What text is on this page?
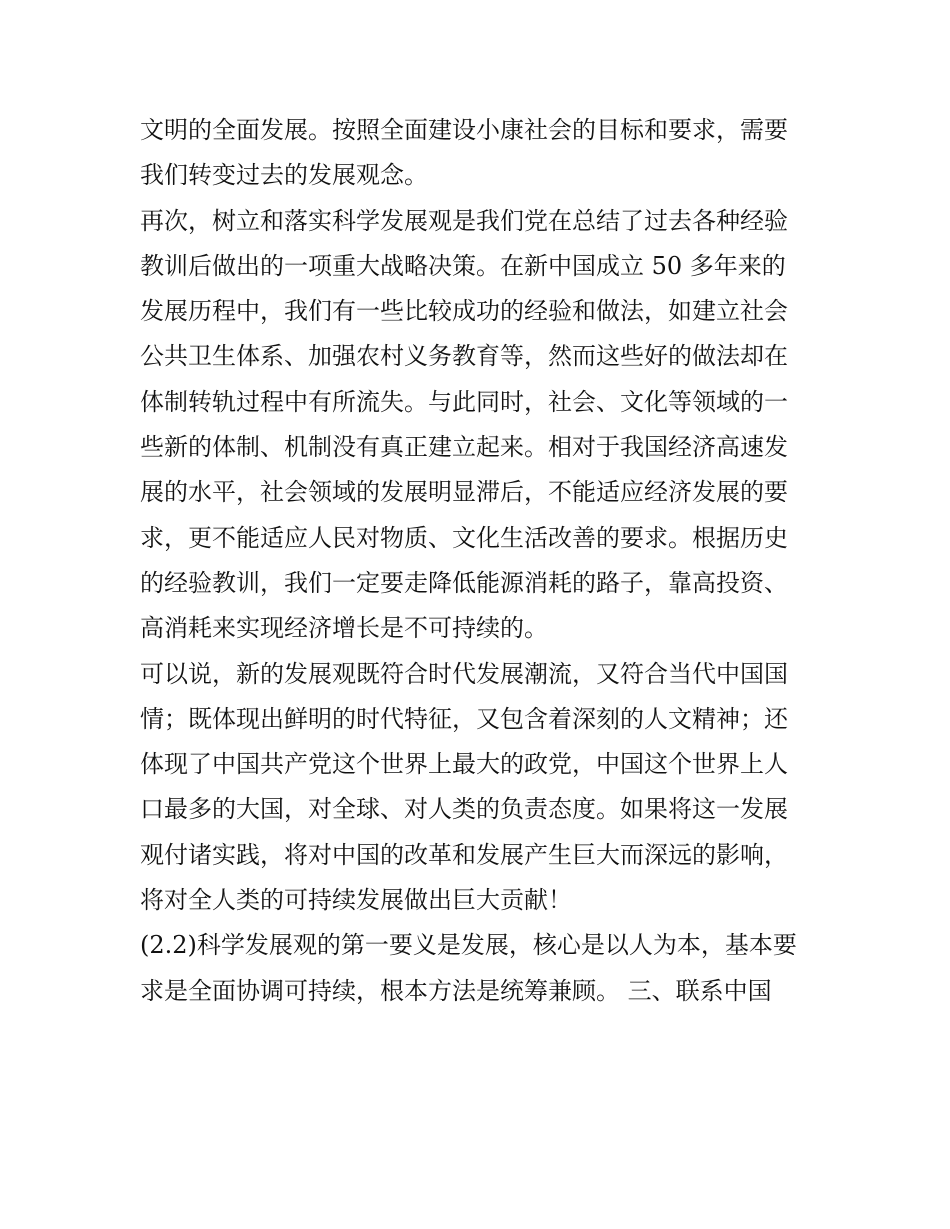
文明的全面发展。按照全面建设小康社会的目标和要求，需要
我们转变过去的发展观念。
再次，树立和落实科学发展观是我们党在总结了过去各种经验
教训后做出的一项重大战略决策。在新中国成立 50 多年来的
发展历程中，我们有一些比较成功的经验和做法，如建立社会
公共卫生体系、加强农村义务教育等，然而这些好的做法却在
体制转轨过程中有所流失。与此同时，社会、文化等领域的一
些新的体制、机制没有真正建立起来。相对于我国经济高速发
展的水平，社会领域的发展明显滞后，不能适应经济发展的要
求，更不能适应人民对物质、文化生活改善的要求。根据历史
的经验教训，我们一定要走降低能源消耗的路子，靠高投资、
高消耗来实现经济增长是不可持续的。
可以说，新的发展观既符合时代发展潮流，又符合当代中国国
情；既体现出鲜明的时代特征，又包含着深刻的人文精神；还
体现了中国共产党这个世界上最大的政党，中国这个世界上人
口最多的大国，对全球、对人类的负责态度。如果将这一发展
观付诸实践，将对中国的改革和发展产生巨大而深远的影响，
将对全人类的可持续发展做出巨大贡献！
(2.2)科学发展观的第一要义是发展，核心是以人为本，基本要
求是全面协调可持续，根本方法是统筹兼顾。 三、联系中国
